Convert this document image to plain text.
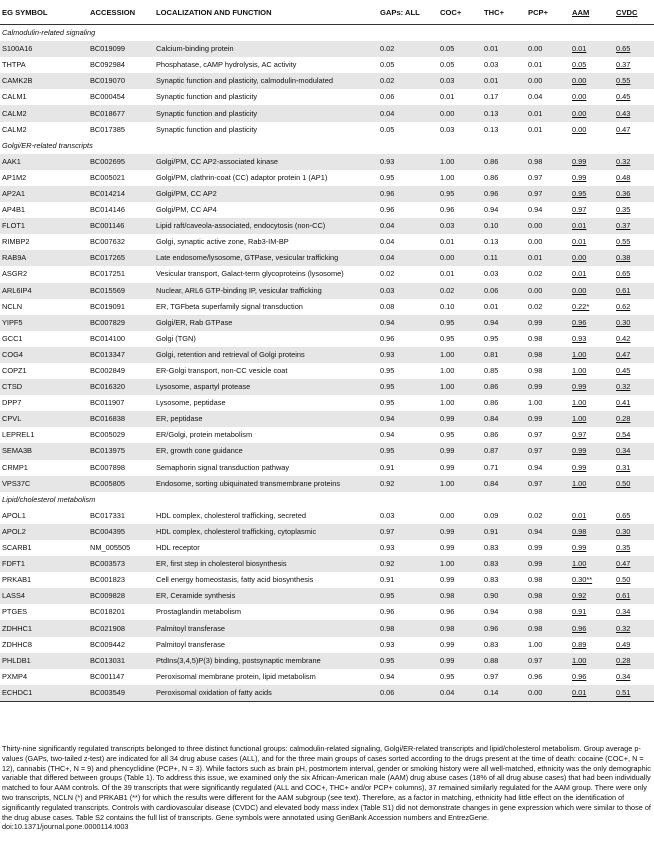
EG SYMBOL	ACCESSION	LOCALIZATION AND FUNCTION	GAPs: ALL	COC+	THC+	PCP+	AAM	CVDC
Calmodulin-related signaling								
S100A16	BC019099	Calcium-binding protein	0.02	0.05	0.01	0.00	0.01	0.65
THTPA	BC092984	Phosphatase, cAMP hydrolysis, AC activity	0.05	0.05	0.03	0.01	0.05	0.37
CAMK2B	BC019070	Synaptic function and plasticity, calmodulin-modulated	0.02	0.03	0.01	0.00	0.00	0.55
CALM1	BC000454	Synaptic function and plasticity	0.06	0.01	0.17	0.04	0.00	0.45
CALM2	BC018677	Synaptic function and plasticity	0.04	0.00	0.13	0.01	0.00	0.43
CALM2	BC017385	Synaptic function and plasticity	0.05	0.03	0.13	0.01	0.00	0.47
Golgi/ER-related transcripts								
AAK1	BC002695	Golgi/PM, CC AP2-associated kinase	0.93	1.00	0.86	0.98	0.99	0.32
AP1M2	BC005021	Golgi/PM, clathrin-coat (CC) adaptor protein 1 (AP1)	0.95	1.00	0.86	0.97	0.99	0.48
AP2A1	BC014214	Golgi/PM, CC AP2	0.96	0.95	0.96	0.97	0.95	0.36
AP4B1	BC014146	Golgi/PM, CC AP4	0.96	0.96	0.94	0.94	0.97	0.35
FLOT1	BC001146	Lipid raft/caveola-associated, endocytosis (non-CC)	0.04	0.03	0.10	0.00	0.01	0.37
RIMBP2	BC007632	Golgi, synaptic active zone, Rab3-IM-BP	0.04	0.01	0.13	0.00	0.01	0.55
RAB9A	BC017265	Late endosome/lysosome, GTPase, vesicular trafficking	0.04	0.00	0.11	0.01	0.00	0.38
ASGR2	BC017251	Vesicular transport, Galact-term glycoproteins (lysosome)	0.02	0.01	0.03	0.02	0.01	0.65
ARL6IP4	BC015569	Nuclear, ARL6 GTP-binding IP, vesicular trafficking	0.03	0.02	0.06	0.00	0.00	0.61
NCLN	BC019091	ER, TGFbeta superfamily signal transduction	0.08	0.10	0.01	0.02	0.22*	0.62
YIPF5	BC007829	Golgi/ER, Rab GTPase	0.94	0.95	0.94	0.99	0.96	0.30
GCC1	BC014100	Golgi (TGN)	0.96	0.95	0.95	0.98	0.93	0.42
COG4	BC013347	Golgi, retention and retrieval of Golgi proteins	0.93	1.00	0.81	0.98	1.00	0.47
COPZ1	BC002849	ER-Golgi transport, non-CC vesicle coat	0.95	1.00	0.85	0.98	1.00	0.45
CTSD	BC016320	Lysosome, aspartyl protease	0.95	1.00	0.86	0.99	0.99	0.32
DPP7	BC011907	Lysosome, peptidase	0.95	1.00	0.86	1.00	1.00	0.41
CPVL	BC016838	ER, peptidase	0.94	0.99	0.84	0.99	1.00	0.28
LEPREL1	BC005029	ER/Golgi, protein metabolism	0.94	0.95	0.86	0.97	0.97	0.54
SEMA3B	BC013975	ER, growth cone guidance	0.95	0.99	0.87	0.97	0.99	0.34
CRMP1	BC007898	Semaphorin signal transduction pathway	0.91	0.99	0.71	0.94	0.99	0.31
VPS37C	BC005805	Endosome, sorting ubiquinated transmembrane proteins	0.92	1.00	0.84	0.97	1.00	0.50
Lipid/cholesterol metabolism								
APOL1	BC017331	HDL complex, cholesterol trafficking, secreted	0.03	0.00	0.09	0.02	0.01	0.65
APOL2	BC004395	HDL complex, cholesterol trafficking, cytoplasmic	0.97	0.99	0.91	0.94	0.98	0.30
SCARB1	NM_005505	HDL receptor	0.93	0.99	0.83	0.99	0.99	0.35
FDFT1	BC003573	ER, first step in cholesterol biosynthesis	0.92	1.00	0.83	0.99	1.00	0.47
PRKAB1	BC001823	Cell energy homeostasis, fatty acid biosynthesis	0.91	0.99	0.83	0.98	0.30**	0.50
LASS4	BC009828	ER, Ceramide synthesis	0.95	0.98	0.90	0.98	0.92	0.61
PTGES	BC018201	Prostaglandin metabolism	0.96	0.96	0.94	0.98	0.91	0.34
ZDHHC1	BC021908	Palmitoyl transferase	0.98	0.98	0.96	0.98	0.96	0.32
ZDHHC8	BC009442	Palmitoyl transferase	0.93	0.99	0.83	1.00	0.89	0.49
PHLDB1	BC013031	PtdIns(3,4,5)P(3) binding, postsynaptic membrane	0.95	0.99	0.88	0.97	1.00	0.28
PXMP4	BC001147	Peroxisomal membrane protein, lipid metabolism	0.94	0.95	0.97	0.96	0.96	0.34
ECHDC1	BC003549	Peroxisomal oxidation of fatty acids	0.06	0.04	0.14	0.00	0.01	0.51

Thirty-nine significantly regulated transcripts belonged to three distinct functional groups: calmodulin-related signaling, Golgi/ER-related transcripts and lipid/cholesterol metabolism. Group average p-values (GAPs, two-tailed z-test) are indicated for all 34 drug abuse cases (ALL), and for the three main groups of cases sorted according to the drugs present at the time of death: cocaine (COC+, N = 12), cannabis (THC+, N = 9) and phencyclidine (PCP+, N = 3). While factors such as brain pH, postmortem interval, gender or smoking history were all well-matched, ethnicity was the only demographic variable that differed between groups (Table 1). To address this issue, we examined only the six African-American male (AAM) drug abuse cases (18% of all drug abuse cases) that had been individually matched to four AAM controls. Of the 39 transcripts that were significantly regulated (ALL and COC+, THC+ and/or PCP+ columns), 37 remained similarly regulated for the AAM group. There were only two transcripts, NCLN (*) and PRKAB1 (**) for which the results were different for the AAM subgroup (see text). Therefore, as a factor in matching, ethnicity had little effect on the identification of significantly regulated transcripts. Controls with cardiovascular disease (CVDC) and elevated body mass index (Table S1) did not demonstrate changes in gene expression which were similar to those of the drug abuse cases. Table S2 contains the full list of transcripts. Gene symbols were annotated using GenBank Accession numbers and EntrezGene.

doi:10.1371/journal.pone.0000114.t003
